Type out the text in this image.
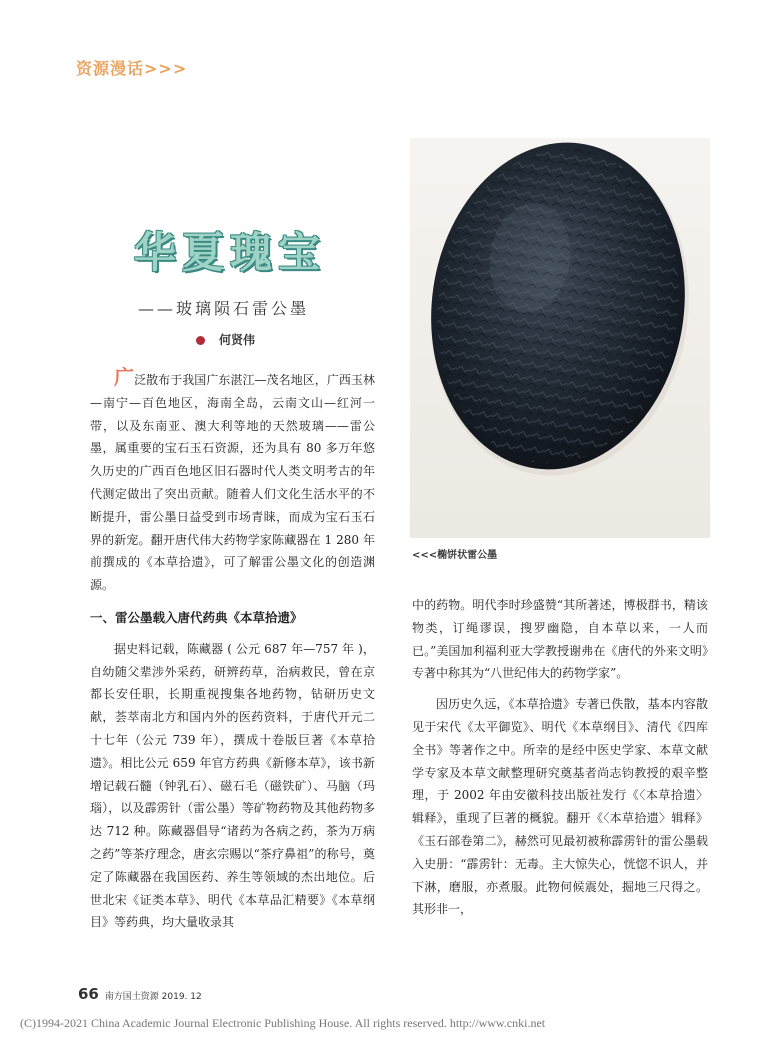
资源漫话>>>
华夏瑰宝
——玻璃陨石雷公墨
何贤伟
<<<椭饼状雷公墨

广泛散布于我国广东湛江—茂名地区，广西玉林—南宁—百色地区，海南全岛，云南文山—红河一带，以及东南亚、澳大利等地的天然玻璃——雷公墨，属重要的宝石玉石资源，还为具有 80 多万年悠久历史的广西百色地区旧石器时代人类文明考古的年代测定做出了突出贡献。随着人们文化生活水平的不断提升，雷公墨日益受到市场青睐，而成为宝石玉石界的新宠。翻开唐代伟大药物学家陈藏器在 1 280 年前撰成的《本草拾遗》，可了解雷公墨文化的创造渊源。

一、雷公墨载入唐代药典《本草拾遗》

据史料记载，陈藏器 ( 公元 687 年—757 年 )，自幼随父辈涉外采药，研辨药草，治病救民，曾在京都长安任职，长期重视搜集各地药物，钻研历史文献，荟萃南北方和国内外的医药资料，于唐代开元二十七年（公元 739 年），撰成十卷版巨著《本草拾遗》。相比公元 659 年官方药典《新修本草》，该书新增记载石髓（钟乳石）、磁石毛（磁铁矿）、马脑（玛瑙），以及霹雳针（雷公墨）等矿物药物及其他药物多达 712 种。陈藏器倡导“诸药为各病之药，茶为万病之药”等茶疗理念，唐玄宗赐以“茶疗鼻祖”的称号，奠定了陈藏器在我国医药、养生等领域的杰出地位。后世北宋《证类本草》、明代《本草品汇精要》《本草纲目》等药典，均大量收录其

中的药物。明代李时珍盛赞“其所著述，博极群书，精该物类，订绳谬误，搜罗幽隐，自本草以来，一人而已。”美国加利福利亚大学教授谢弗在《唐代的外来文明》专著中称其为“八世纪伟大的药物学家”。

因历史久远，《本草拾遗》专著已佚散，基本内容散见于宋代《太平御览》、明代《本草纲目》、清代《四库全书》等著作之中。所幸的是经中医史学家、本草文献学专家及本草文献整理研究奠基者尚志钧教授的艰辛整理，于 2002 年由安徽科技出版社发行《〈本草拾遗〉辑释》，重现了巨著的概貌。翻开《〈本草拾遗〉辑释》《玉石部卷第二》，赫然可见最初被称霹雳针的雷公墨载入史册：“霹雳针：无毒。主大惊失心，恍惚不识人，并下淋，磨服，亦煮服。此物何候震处，掘地三尺得之。其形非一，

66 南方国土资源 2019. 12
(C)1994-2021 China Academic Journal Electronic Publishing House. All rights reserved. http://www.cnki.net
